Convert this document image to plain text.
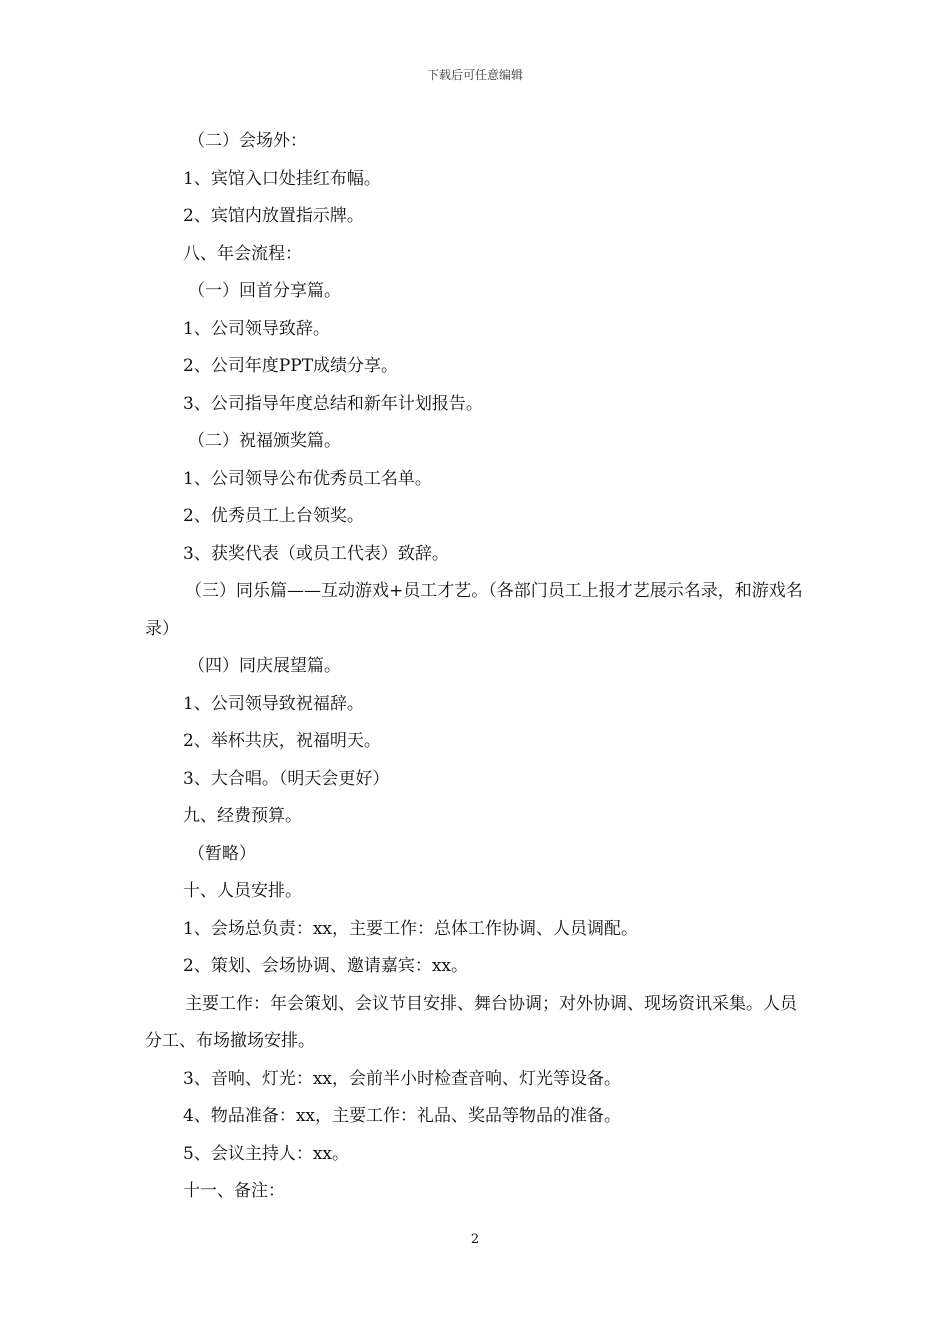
下载后可任意编辑

（二）会场外：

1、宾馆入口处挂红布幅。

2、宾馆内放置指示牌。

八、年会流程：

（一）回首分享篇。

1、公司领导致辞。

2、公司年度PPT成绩分享。

3、公司指导年度总结和新年计划报告。

（二）祝福颁奖篇。

1、公司领导公布优秀员工名单。

2、优秀员工上台领奖。

3、获奖代表（或员工代表）致辞。

（三）同乐篇——互动游戏+员工才艺。（各部门员工上报才艺展示名录，和游戏名录）

（四）同庆展望篇。

1、公司领导致祝福辞。

2、举杯共庆，祝福明天。

3、大合唱。（明天会更好）

九、经费预算。

（暂略）

十、人员安排。

1、会场总负责：xx，主要工作：总体工作协调、人员调配。

2、策划、会场协调、邀请嘉宾：xx。

主要工作：年会策划、会议节目安排、舞台协调；对外协调、现场资讯采集。人员分工、布场撤场安排。

3、音响、灯光：xx，会前半小时检查音响、灯光等设备。

4、物品准备：xx，主要工作：礼品、奖品等物品的准备。

5、会议主持人：xx。

十一、备注：

2
